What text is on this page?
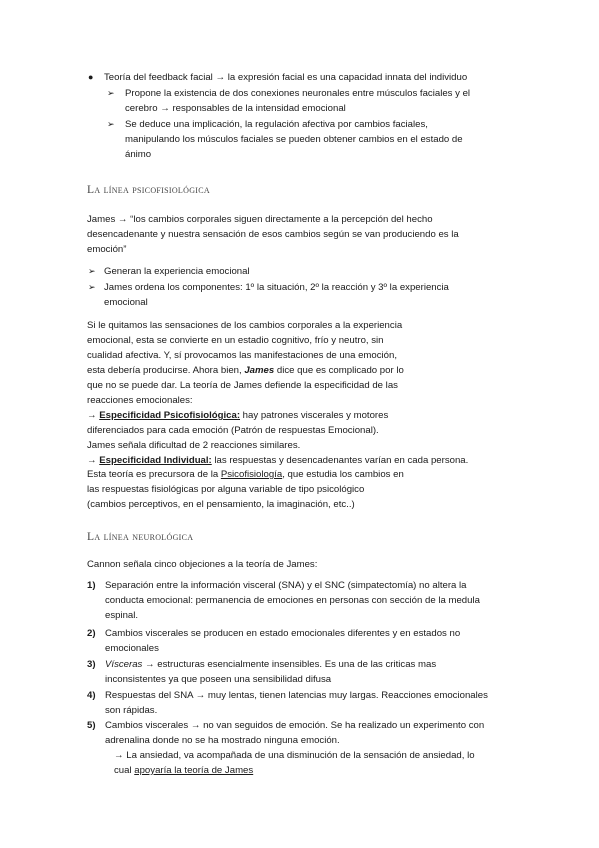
● Teoría del feedback facial → la expresión facial es una capacidad innata del individuo
➢ Propone la existencia de dos conexiones neuronales entre músculos faciales y el
cerebro → responsables de la intensidad emocional
➢ Se deduce una implicación, la regulación afectiva por cambios faciales,
manipulando los músculos faciales se pueden obtener cambios en el estado de
ánimo
La línea psicofisiológica
James → “los cambios corporales siguen directamente a la percepción del hecho
desencadenante y nuestra sensación de esos cambios según se van produciendo es la
emoción”
➢ Generan la experiencia emocional
➢ James ordena los componentes: 1º la situación, 2º la reacción y 3º la experiencia
emocional
Si le quitamos las sensaciones de los cambios corporales a la experiencia
emocional, esta se convierte en un estadio cognitivo, frío y neutro, sin
cualidad afectiva. Y, sí provocamos las manifestaciones de una emoción,
esta debería producirse. Ahora bien, James dice que es complicado por lo
que no se puede dar. La teoría de James defiende la especificidad de las
reacciones emocionales:
→ Especificidad Psicofisiológica: hay patrones viscerales y motores
diferenciados para cada emoción (Patrón de respuestas Emocional).
James señala dificultad de 2 reacciones similares.
→ Especificidad Individual: las respuestas y desencadenantes varían en cada persona.
Esta teoría es precursora de la Psicofisiología, que estudia los cambios en
las respuestas fisiológicas por alguna variable de tipo psicológico
(cambios perceptivos, en el pensamiento, la imaginación, etc..)
La línea neurológica
Cannon señala cinco objeciones a la teoría de James:
1) Separación entre la información visceral (SNA) y el SNC (simpatectomía) no altera la
conducta emocional: permanencia de emociones en personas con sección de la medula
espinal.
2) Cambios viscerales se producen en estado emocionales diferentes y en estados no
emocionales
3) Vísceras → estructuras esencialmente insensibles. Es una de las criticas mas
inconsistentes ya que poseen una sensibilidad difusa
4) Respuestas del SNA → muy lentas, tienen latencias muy largas. Reacciones emocionales
son rápidas.
5) Cambios viscerales → no van seguidos de emoción. Se ha realizado un experimento con
adrenalina donde no se ha mostrado ninguna emoción.
→ La ansiedad, va acompañada de una disminución de la sensación de ansiedad, lo
cual apoyaría la teoría de James
